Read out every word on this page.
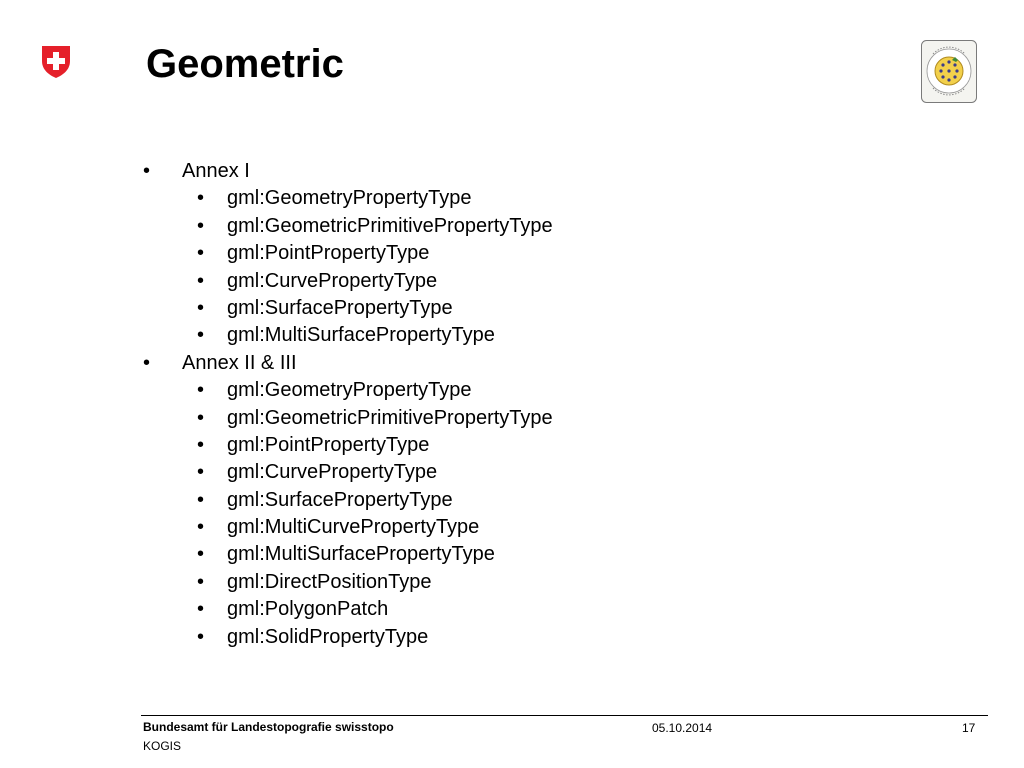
Geometric
• Annex I
• gml:GeometryPropertyType
• gml:GeometricPrimitivePropertyType
• gml:PointPropertyType
• gml:CurvePropertyType
• gml:SurfacePropertyType
• gml:MultiSurfacePropertyType
• Annex II & III
• gml:GeometryPropertyType
• gml:GeometricPrimitivePropertyType
• gml:PointPropertyType
• gml:CurvePropertyType
• gml:SurfacePropertyType
• gml:MultiCurvePropertyType
• gml:MultiSurfacePropertyType
• gml:DirectPositionType
• gml:PolygonPatch
• gml:SolidPropertyType
Bundesamt für Landestopografie swisstopo
KOGIS
05.10.2014	17
